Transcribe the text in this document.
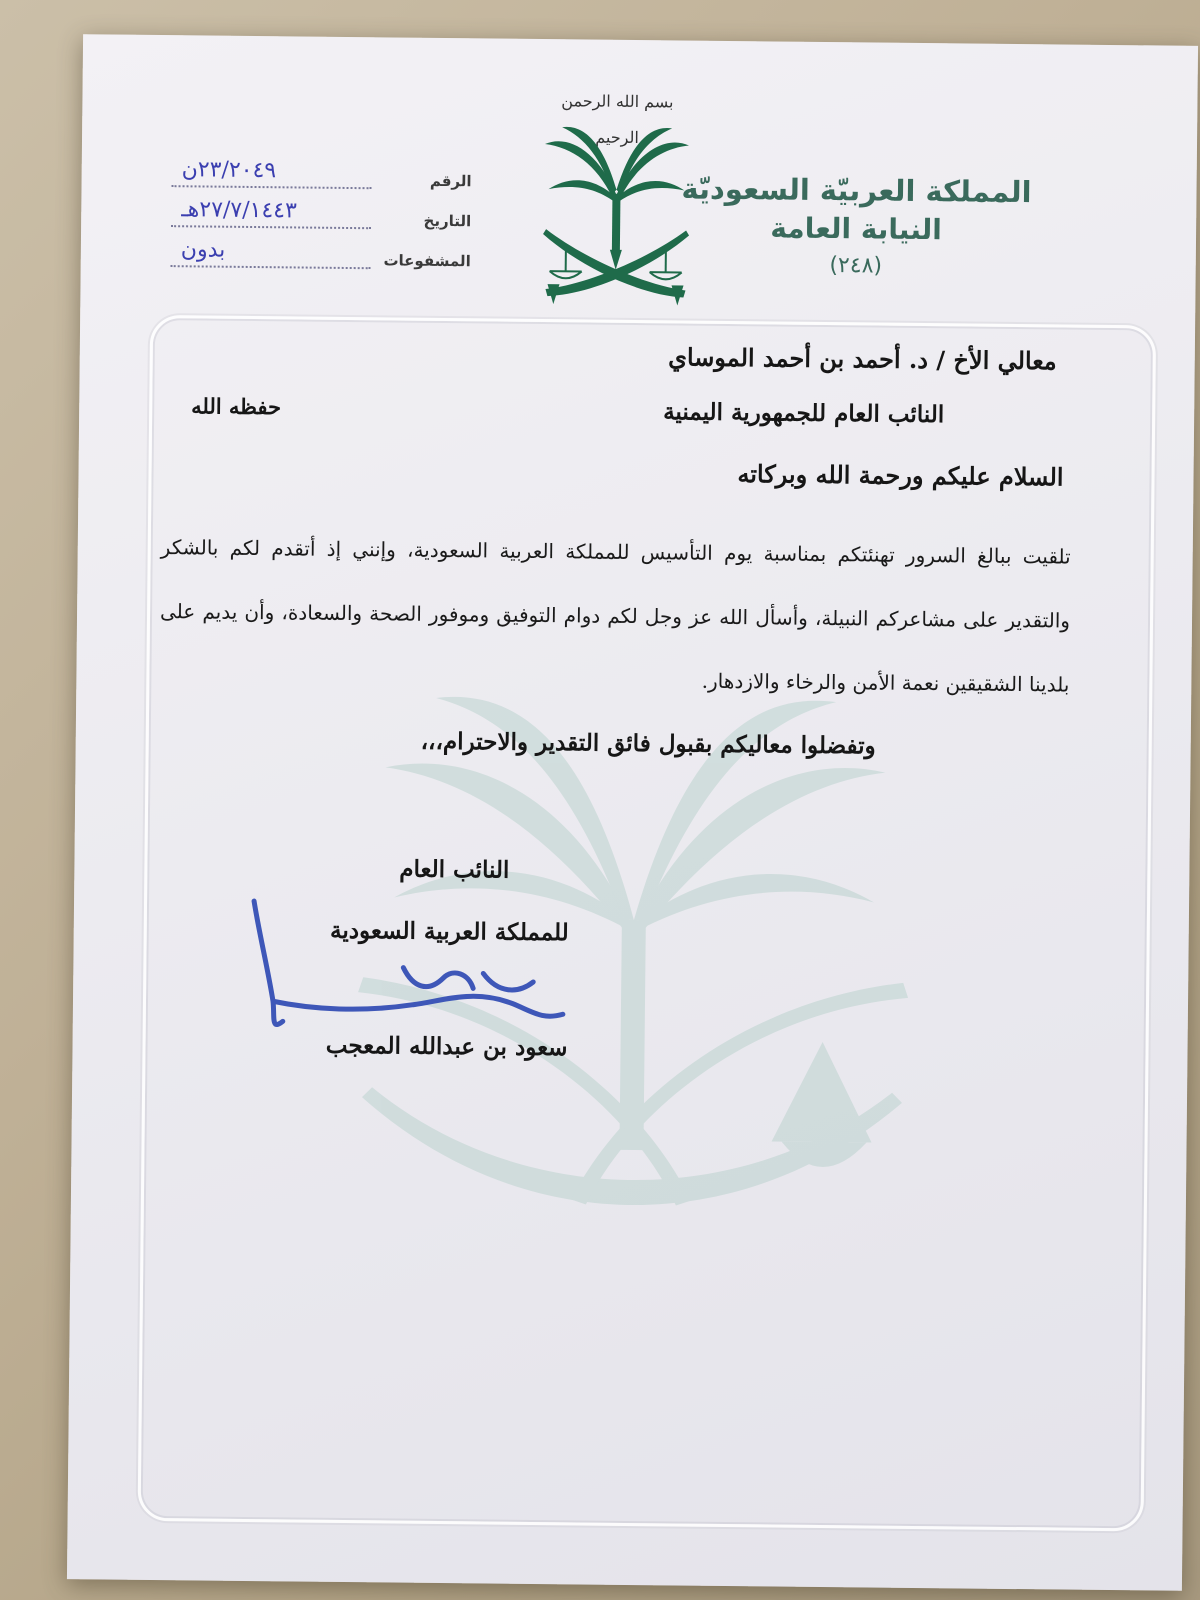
بسم الله الرحمن الرحيم
المملكة العربيّة السعوديّة
النيابة العامة
(٢٤٨)
الرقم
٢٣/٢٠٤٩ن
التاريخ
٢٧/٧/١٤٤٣هـ
المشفوعات
بدون
معالي الأخ / د. أحمد بن أحمد الموساي
النائب العام للجمهورية اليمنية
حفظه الله
السلام عليكم ورحمة الله وبركاته
تلقيت ببالغ السرور تهنئتكم بمناسبة يوم التأسيس للمملكة العربية السعودية، وإنني إذ أتقدم لكم بالشكر والتقدير على مشاعركم النبيلة، وأسأل الله عز وجل لكم دوام التوفيق وموفور الصحة والسعادة، وأن يديم على بلدينا الشقيقين نعمة الأمن والرخاء والازدهار.
وتفضلوا معاليكم بقبول فائق التقدير والاحترام،،،
النائب العام
للمملكة العربية السعودية
سعود بن عبدالله المعجب
